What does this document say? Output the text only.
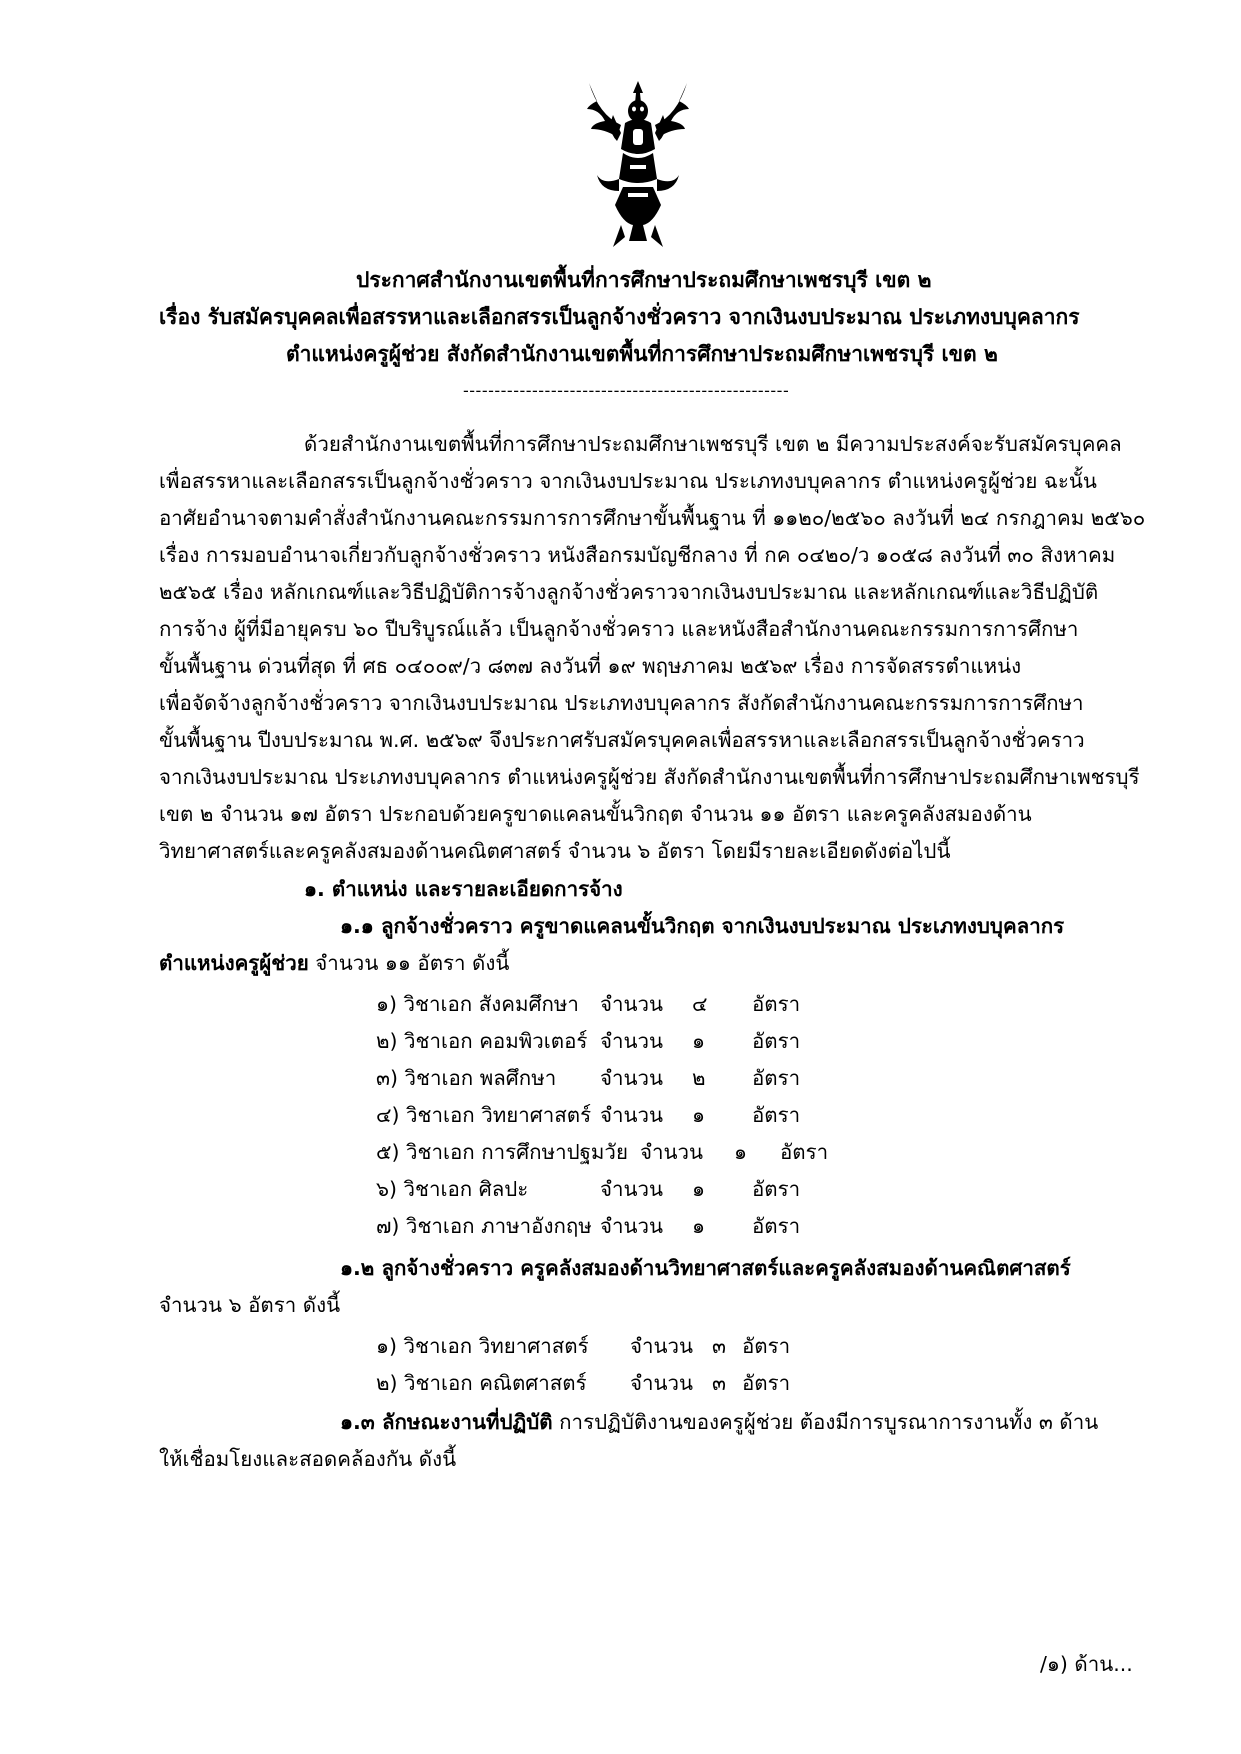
ประกาศสำนักงานเขตพื้นที่การศึกษาประถมศึกษาเพชรบุรี เขต ๒
เรื่อง รับสมัครบุคคลเพื่อสรรหาและเลือกสรรเป็นลูกจ้างชั่วคราว จากเงินงบประมาณ ประเภทงบบุคลากร
ตำแหน่งครูผู้ช่วย สังกัดสำนักงานเขตพื้นที่การศึกษาประถมศึกษาเพชรบุรี เขต ๒
----------------------------------------------------
ด้วยสำนักงานเขตพื้นที่การศึกษาประถมศึกษาเพชรบุรี เขต ๒ มีความประสงค์จะรับสมัครบุคคล
เพื่อสรรหาและเลือกสรรเป็นลูกจ้างชั่วคราว จากเงินงบประมาณ ประเภทงบบุคลากร ตำแหน่งครูผู้ช่วย ฉะนั้น
อาศัยอำนาจตามคำสั่งสำนักงานคณะกรรมการการศึกษาขั้นพื้นฐาน ที่ ๑๑๒๐/๒๕๖๐ ลงวันที่ ๒๔ กรกฎาคม ๒๕๖๐
เรื่อง การมอบอำนาจเกี่ยวกับลูกจ้างชั่วคราว หนังสือกรมบัญชีกลาง ที่ กค ๐๔๒๐/ว ๑๐๕๘ ลงวันที่ ๓๐ สิงหาคม
๒๕๖๕ เรื่อง หลักเกณฑ์และวิธีปฏิบัติการจ้างลูกจ้างชั่วคราวจากเงินงบประมาณ และหลักเกณฑ์และวิธีปฏิบัติ
การจ้าง ผู้ที่มีอายุครบ ๖๐ ปีบริบูรณ์แล้ว เป็นลูกจ้างชั่วคราว และหนังสือสำนักงานคณะกรรมการการศึกษา
ขั้นพื้นฐาน ด่วนที่สุด ที่ ศธ ๐๔๐๐๙/ว ๘๓๗ ลงวันที่ ๑๙ พฤษภาคม ๒๕๖๙ เรื่อง การจัดสรรตำแหน่ง
เพื่อจัดจ้างลูกจ้างชั่วคราว จากเงินงบประมาณ ประเภทงบบุคลากร สังกัดสำนักงานคณะกรรมการการศึกษา
ขั้นพื้นฐาน ปีงบประมาณ พ.ศ. ๒๕๖๙ จึงประกาศรับสมัครบุคคลเพื่อสรรหาและเลือกสรรเป็นลูกจ้างชั่วคราว
จากเงินงบประมาณ ประเภทงบบุคลากร ตำแหน่งครูผู้ช่วย สังกัดสำนักงานเขตพื้นที่การศึกษาประถมศึกษาเพชรบุรี
เขต ๒ จำนวน ๑๗ อัตรา ประกอบด้วยครูขาดแคลนขั้นวิกฤต จำนวน ๑๑ อัตรา และครูคลังสมองด้าน
วิทยาศาสตร์และครูคลังสมองด้านคณิตศาสตร์ จำนวน ๖ อัตรา โดยมีรายละเอียดดังต่อไปนี้
๑. ตำแหน่ง และรายละเอียดการจ้าง
๑.๑ ลูกจ้างชั่วคราว ครูขาดแคลนขั้นวิกฤต จากเงินงบประมาณ ประเภทงบบุคลากร
ตำแหน่งครูผู้ช่วย จำนวน ๑๑ อัตรา ดังนี้
๑) วิชาเอก สังคมศึกษา จำนวน ๔ อัตรา
๒) วิชาเอก คอมพิวเตอร์ จำนวน ๑ อัตรา
๓) วิชาเอก พลศึกษา จำนวน ๒ อัตรา
๔) วิชาเอก วิทยาศาสตร์ จำนวน ๑ อัตรา
๕) วิชาเอก การศึกษาปฐมวัย จำนวน ๑ อัตรา
๖) วิชาเอก ศิลปะ	จำนวน ๑ อัตรา
๗) วิชาเอก ภาษาอังกฤษ จำนวน ๑ อัตรา
๑.๒ ลูกจ้างชั่วคราว ครูคลังสมองด้านวิทยาศาสตร์และครูคลังสมองด้านคณิตศาสตร์
จำนวน ๖ อัตรา ดังนี้
๑) วิชาเอก วิทยาศาสตร์ จำนวน ๓ อัตรา
๒) วิชาเอก คณิตศาสตร์ จำนวน ๓ อัตรา
๑.๓ ลักษณะงานที่ปฏิบัติ การปฏิบัติงานของครูผู้ช่วย ต้องมีการบูรณาการงานทั้ง ๓ ด้าน
ให้เชื่อมโยงและสอดคล้องกัน ดังนี้
/๑) ด้าน...
